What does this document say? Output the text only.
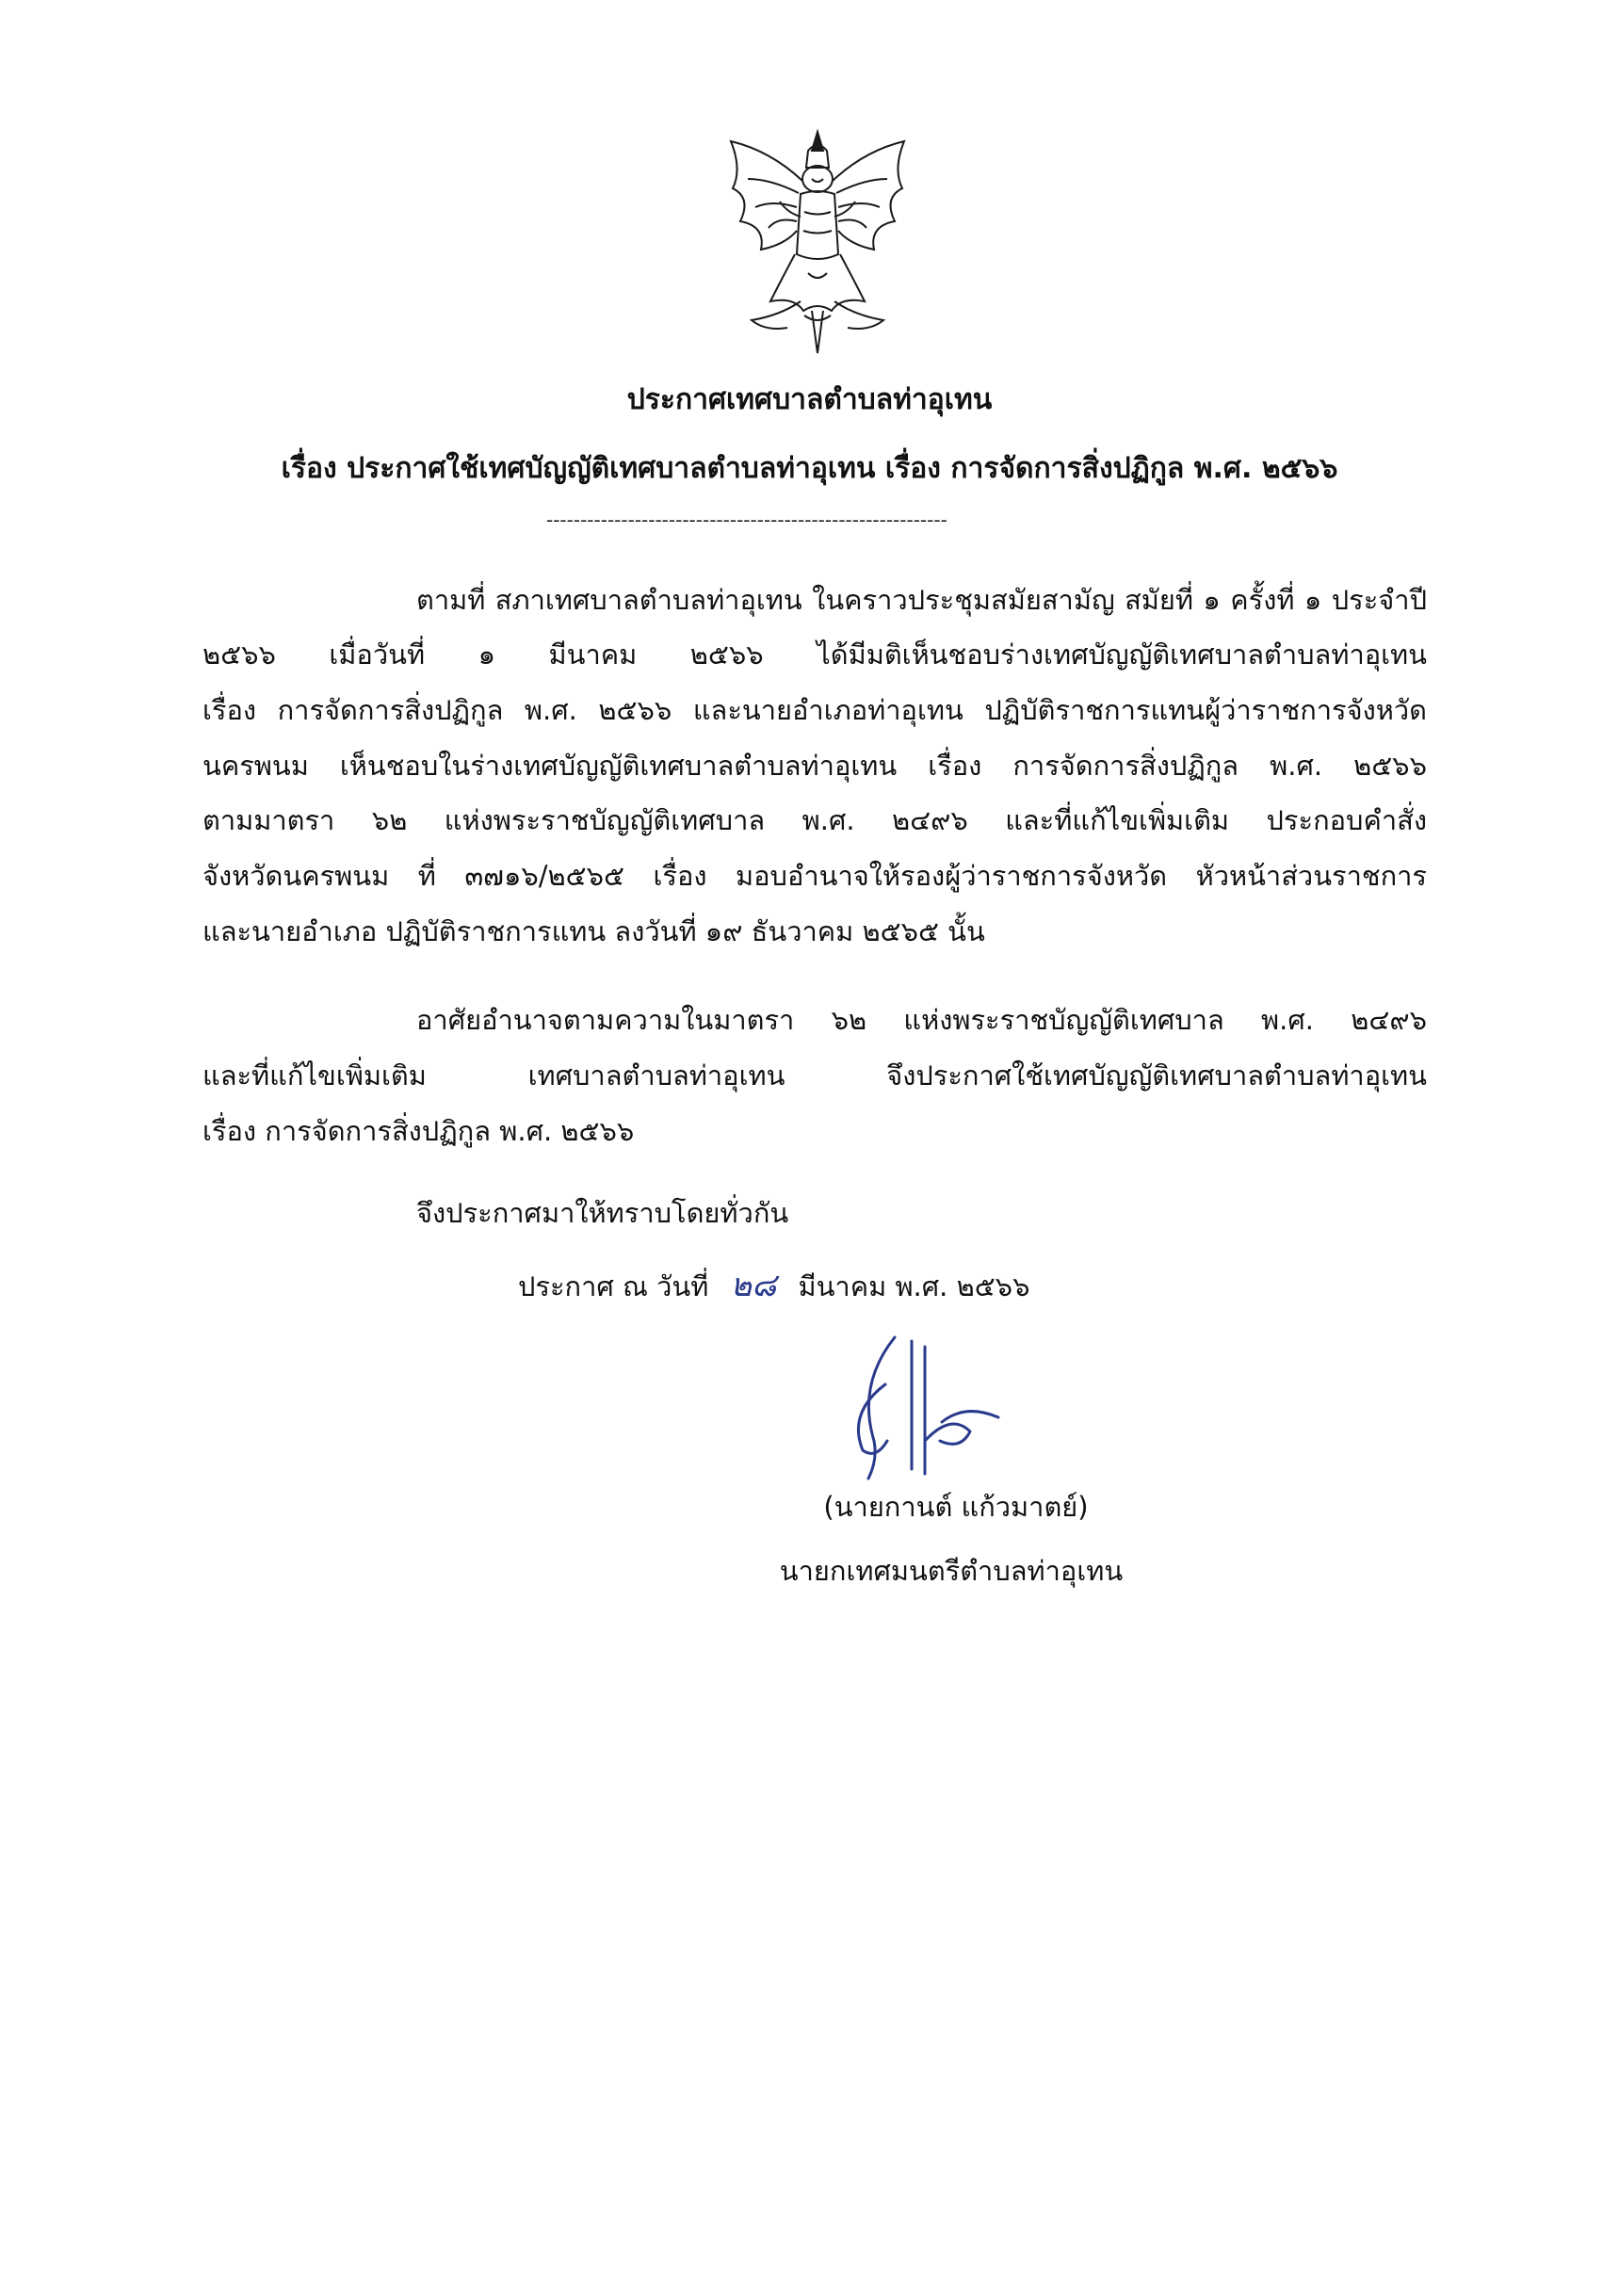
ประกาศเทศบาลตำบลท่าอุเทน
เรื่อง ประกาศใช้เทศบัญญัติเทศบาลตำบลท่าอุเทน เรื่อง การจัดการสิ่งปฏิกูล พ.ศ. ๒๕๖๖
-----------------------------------------------------------
ตามที่ สภาเทศบาลตำบลท่าอุเทน ในคราวประชุมสมัยสามัญ สมัยที่ ๑ ครั้งที่ ๑ ประจำปี
๒๕๖๖ เมื่อวันที่ ๑ มีนาคม ๒๕๖๖ ได้มีมติเห็นชอบร่างเทศบัญญัติเทศบาลตำบลท่าอุเทน
เรื่อง การจัดการสิ่งปฏิกูล พ.ศ. ๒๕๖๖ และนายอำเภอท่าอุเทน ปฏิบัติราชการแทนผู้ว่าราชการจังหวัด
นครพนม เห็นชอบในร่างเทศบัญญัติเทศบาลตำบลท่าอุเทน เรื่อง การจัดการสิ่งปฏิกูล พ.ศ. ๒๕๖๖
ตามมาตรา ๖๒ แห่งพระราชบัญญัติเทศบาล พ.ศ. ๒๔๙๖ และที่แก้ไขเพิ่มเติม ประกอบคำสั่ง
จังหวัดนครพนม ที่ ๓๗๑๖/๒๕๖๕ เรื่อง มอบอำนาจให้รองผู้ว่าราชการจังหวัด หัวหน้าส่วนราชการ
และนายอำเภอ ปฏิบัติราชการแทน ลงวันที่ ๑๙ ธันวาคม ๒๕๖๕ นั้น
อาศัยอำนาจตามความในมาตรา ๖๒ แห่งพระราชบัญญัติเทศบาล พ.ศ. ๒๔๙๖
และที่แก้ไขเพิ่มเติม เทศบาลตำบลท่าอุเทน จึงประกาศใช้เทศบัญญัติเทศบาลตำบลท่าอุเทน
เรื่อง การจัดการสิ่งปฏิกูล พ.ศ. ๒๕๖๖
จึงประกาศมาให้ทราบโดยทั่วกัน
ประกาศ ณ วันที่ ๒๘ มีนาคม พ.ศ. ๒๕๖๖
(นายกานต์ แก้วมาตย์)
นายกเทศมนตรีตำบลท่าอุเทน
